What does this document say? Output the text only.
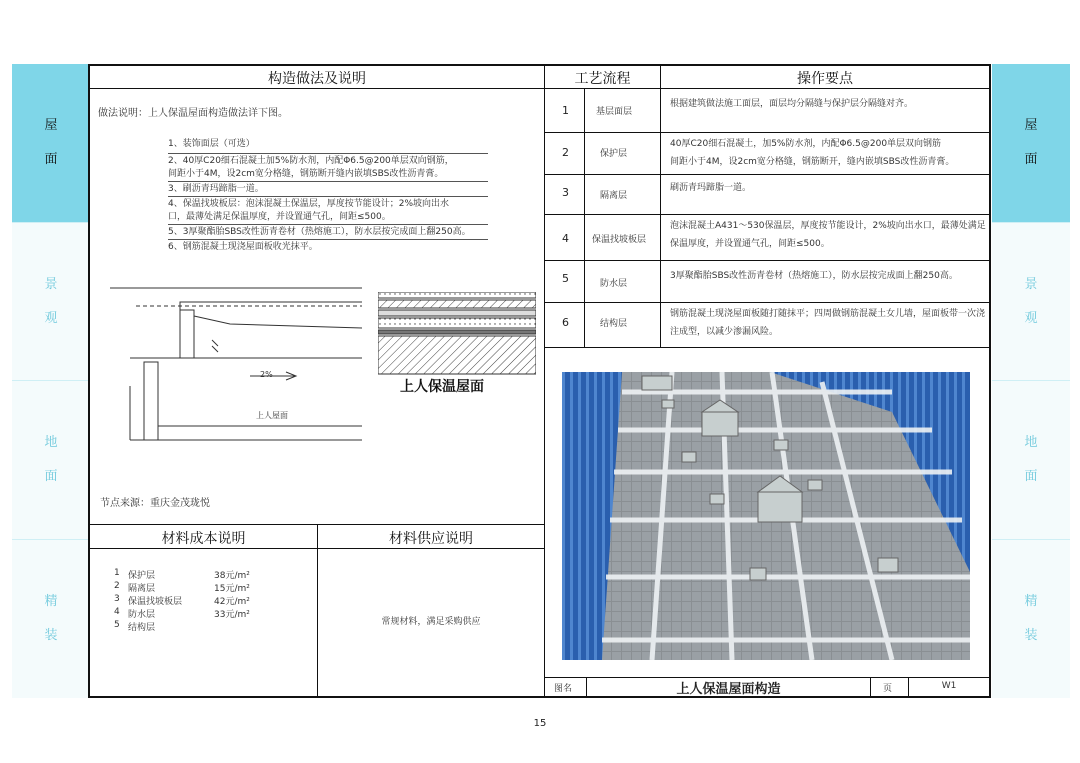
屋
面
景
观
地
面
精
装
屋
面
景
观
地
面
精
装
构造做法及说明	工艺流程	操作要点
做法说明：上人保温屋面构造做法详下图。
1、装饰面层（可选）
2、40厚C20细石混凝土加5%防水剂，内配Φ6.5@200单层双向钢筋，
间距小于4M，设2cm宽分格缝，钢筋断开缝内嵌填SBS改性沥青膏。
3、刷沥青玛蹄脂一道。
4、保温找坡板层：泡沫混凝土保温层，厚度按节能设计；2%坡向出水
口，最薄处满足保温厚度，并设置通气孔，间距≤500。
5、3厚聚酯胎SBS改性沥青卷材（热熔施工），防水层按完成面上翻250高。
6、钢筋混凝土现浇屋面板收光抹平。
2%
上人屋面
上人保温屋面
节点来源：重庆金茂珑悦
材料成本说明	材料供应说明
1 保护层	38元/m²
2 隔离层	15元/m²
3 保温找坡板层	42元/m²
4 防水层	33元/m²
5 结构层
常规材料，满足采购供应
1	基层面层
根据建筑做法施工面层，面层均分隔缝与保护层分隔缝对齐。
2	保护层
40厚C20细石混凝土，加5%防水剂，内配Φ6.5@200单层双向钢筋
间距小于4M，设2cm宽分格缝，钢筋断开，缝内嵌填SBS改性沥青膏。
3	隔离层
刷沥青玛蹄脂一道。
4	保温找坡板层
泡沫混凝土A431～530保温层，厚度按节能设计，2%坡向出水口，最薄处满足
保温厚度，并设置通气孔，间距≤500。
5	防水层
3厚聚酯胎SBS改性沥青卷材（热熔施工），防水层按完成面上翻250高。
6	结构层
钢筋混凝土现浇屋面板随打随抹平；四周做钢筋混凝土女儿墙，屋面板带一次浇
注成型，以减少渗漏风险。
图名	上人保温屋面构造	页	W1
15
